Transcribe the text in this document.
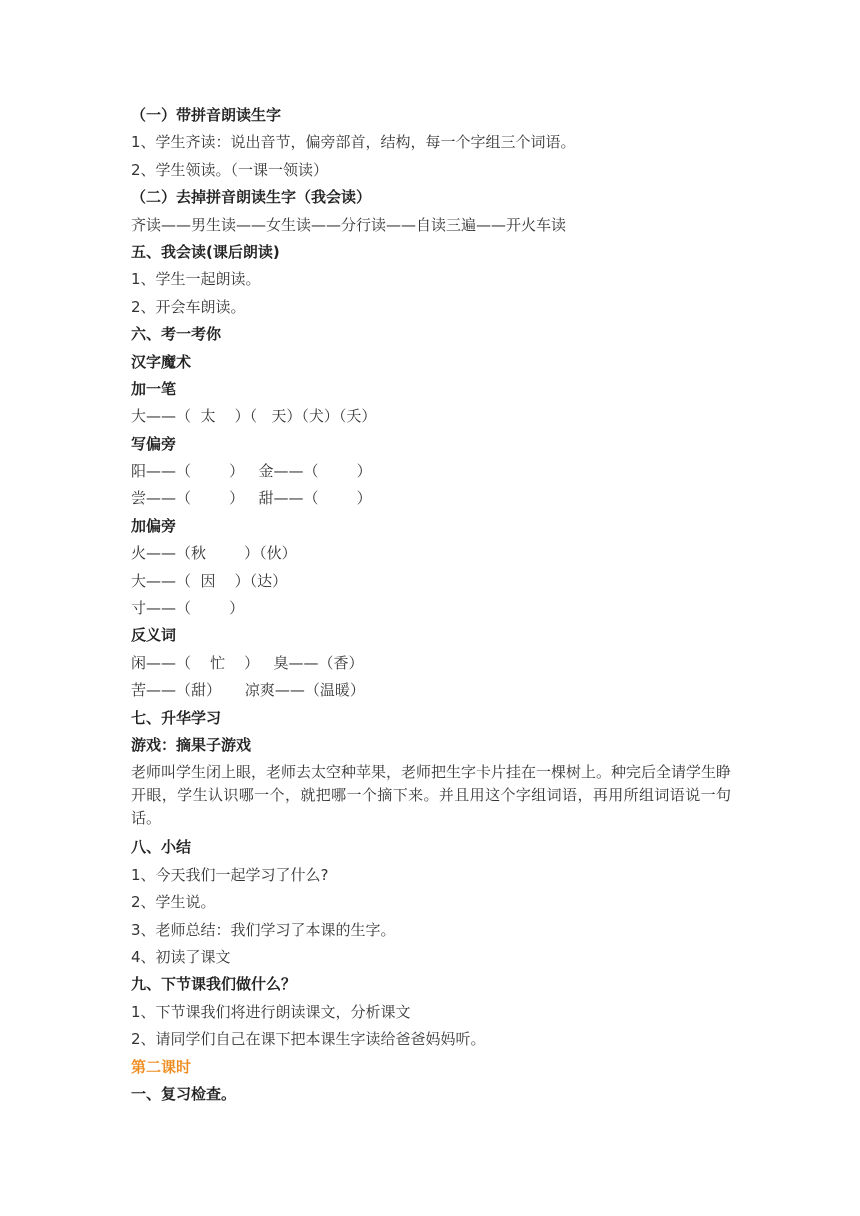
（一）带拼音朗读生字
1、学生齐读：说出音节，偏旁部首，结构，每一个字组三个词语。
2、学生领读。（一课一领读）
（二）去掉拼音朗读生字（我会读）
齐读——男生读——女生读——分行读——自读三遍——开火车读
五、我会读(课后朗读)
1、学生一起朗读。
2、开会车朗读。
六、考一考你
汉字魔术
加一笔
大——（  太    ）（   天）（犬）（夭）
写偏旁
阳——（        ）   金——（        ）
尝——（        ）   甜——（        ）
加偏旁
火——（秋        ）（伙）
大——（  因    ）（达）
寸——（        ）
反义词
闲——（    忙    ）   臭——（香）
苦——（甜）     凉爽——（温暖）
七、升华学习
游戏：摘果子游戏
老师叫学生闭上眼，老师去太空种苹果，老师把生字卡片挂在一棵树上。种完后全请学生睁开眼，学生认识哪一个，就把哪一个摘下来。并且用这个字组词语，再用所组词语说一句话。
八、小结
1、今天我们一起学习了什么?
2、学生说。
3、老师总结：我们学习了本课的生字。
4、初读了课文
九、下节课我们做什么？
1、下节课我们将进行朗读课文，分析课文
2、请同学们自己在课下把本课生字读给爸爸妈妈听。
第二课时
一、复习检查。
